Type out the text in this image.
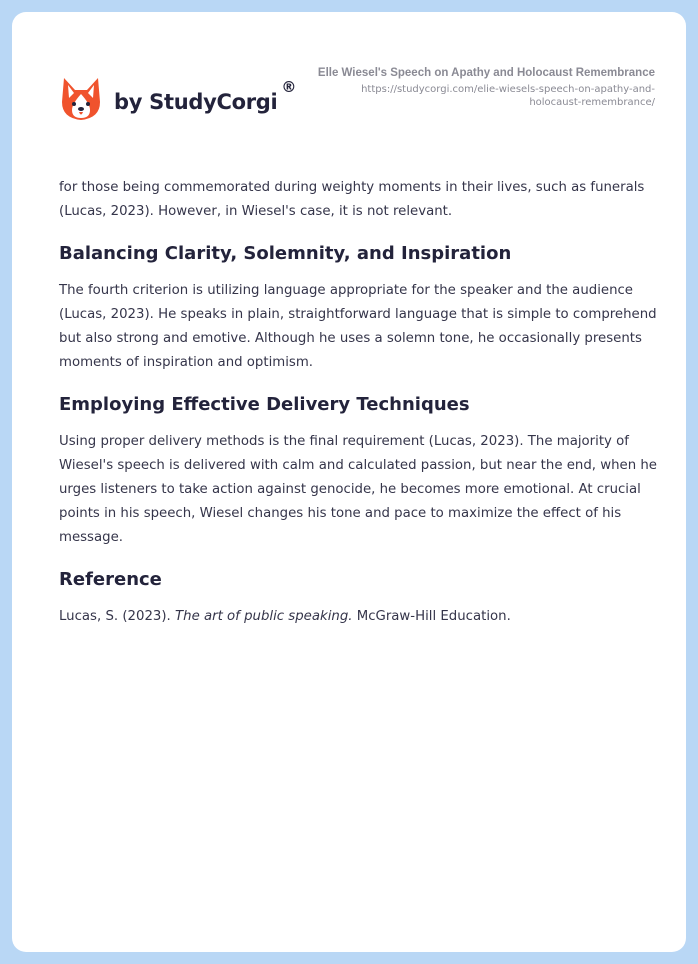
by StudyCorgi
®
Elle Wiesel's Speech on Apathy and Holocaust Remembrance
https://studycorgi.com/elie-wiesels-speech-on-apathy-and-holocaust-remembrance/

for those being commemorated during weighty moments in their lives, such as funerals (Lucas, 2023). However, in Wiesel's case, it is not relevant.

Balancing Clarity, Solemnity, and Inspiration

The fourth criterion is utilizing language appropriate for the speaker and the audience (Lucas, 2023). He speaks in plain, straightforward language that is simple to comprehend but also strong and emotive. Although he uses a solemn tone, he occasionally presents moments of inspiration and optimism.

Employing Effective Delivery Techniques

Using proper delivery methods is the final requirement (Lucas, 2023). The majority of Wiesel's speech is delivered with calm and calculated passion, but near the end, when he urges listeners to take action against genocide, he becomes more emotional. At crucial points in his speech, Wiesel changes his tone and pace to maximize the effect of his message.

Reference

Lucas, S. (2023). The art of public speaking. McGraw-Hill Education.
